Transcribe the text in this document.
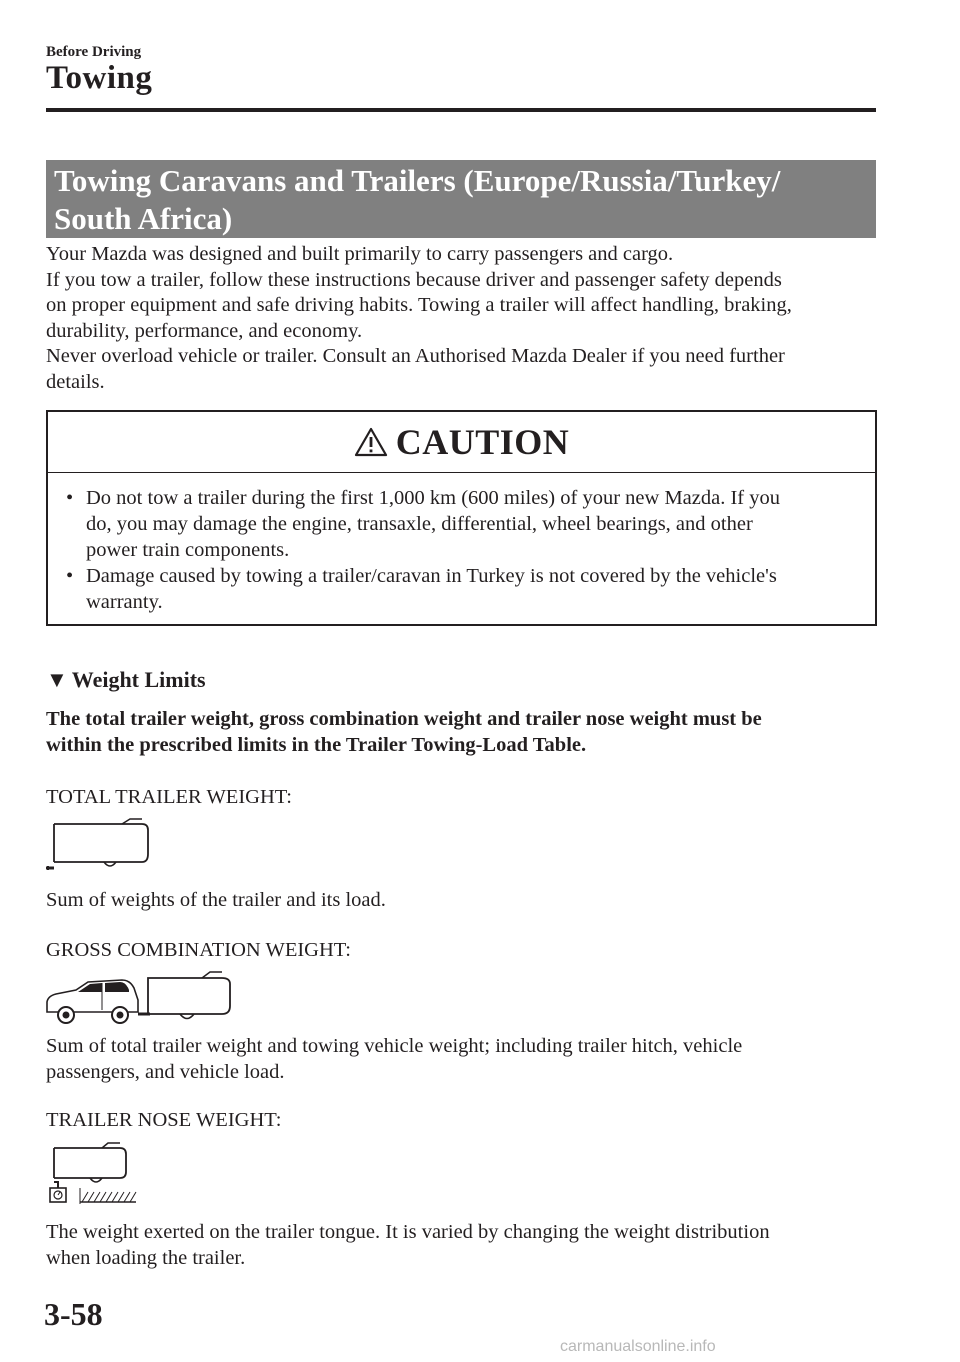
Before Driving
Towing
Towing Caravans and Trailers (Europe/Russia/Turkey/
South Africa)
Your Mazda was designed and built primarily to carry passengers and cargo.
If you tow a trailer, follow these instructions because driver and passenger safety depends
on proper equipment and safe driving habits. Towing a trailer will affect handling, braking,
durability, performance, and economy.
Never overload vehicle or trailer. Consult an Authorised Mazda Dealer if you need further
details.
CAUTION
• Do not tow a trailer during the first 1,000 km (600 miles) of your new Mazda. If you
do, you may damage the engine, transaxle, differential, wheel bearings, and other
power train components.
• Damage caused by towing a trailer/caravan in Turkey is not covered by the vehicle's
warranty.
▼ Weight Limits
The total trailer weight, gross combination weight and trailer nose weight must be
within the prescribed limits in the Trailer Towing-Load Table.
TOTAL TRAILER WEIGHT:
Sum of weights of the trailer and its load.
GROSS COMBINATION WEIGHT:
Sum of total trailer weight and towing vehicle weight; including trailer hitch, vehicle
passengers, and vehicle load.
TRAILER NOSE WEIGHT:
The weight exerted on the trailer tongue. It is varied by changing the weight distribution
when loading the trailer.
3-58
carmanualsonline.info
